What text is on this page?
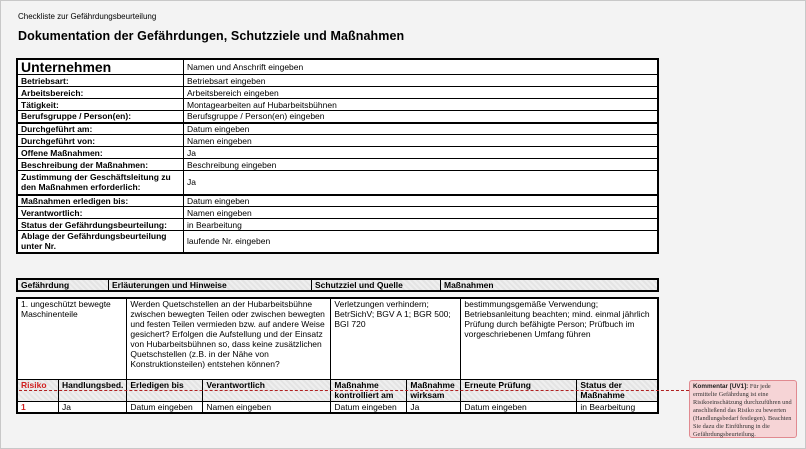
Checkliste zur Gefährdungsbeurteilung
Dokumentation der Gefährdungen, Schutzziele und Maßnahmen
Unternehmen	Namen und Anschrift eingeben
Betriebsart:	Betriebsart eingeben
Arbeitsbereich:	Arbeitsbereich eingeben
Tätigkeit:	Montagearbeiten auf Hubarbeitsbühnen
Berufsgruppe / Person(en):	Berufsgruppe / Person(en) eingeben
Durchgeführt am:	Datum eingeben
Durchgeführt von:	Namen eingeben
Offene Maßnahmen:	Ja
Beschreibung der Maßnahmen:	Beschreibung eingeben
Zustimmung der Geschäftsleitung zu den Maßnahmen erforderlich:	Ja
Maßnahmen erledigen bis:	Datum eingeben
Verantwortlich:	Namen eingeben
Status der Gefährdungsbeurteilung:	in Bearbeitung
Ablage der Gefährdungsbeurteilung unter Nr.	laufende Nr. eingeben
Gefährdung	Erläuterungen und Hinweise	Schutzziel und Quelle	Maßnahmen
1. ungeschützt bewegte Maschinenteile		Werden Quetschstellen an der Hubarbeitsbühne zwischen bewegten Teilen oder zwischen bewegten und festen Teilen vermieden bzw. auf andere Weise gesichert? Erfolgen die Aufstellung und der Einsatz von Hubarbeitsbühnen so, dass keine zusätzlichen Quetschstellen (z.B. in der Nähe von Konstruktionsteilen) entstehen können?		Verletzungen verhindern; BetrSichV; BGV A 1; BGR 500; BGI 720		bestimmungsgemäße Verwendung; Betriebsanleitung beachten; mind. einmal jährlich Prüfung durch befähigte Person; Prüfbuch im vorgeschriebenen Umfang führen	
Risiko	Handlungsbed.	Erledigen bis	Verantwortlich	Maßnahme kontrolliert am	Maßnahme wirksam	Erneute Prüfung	Status der Maßnahme
1	Ja	Datum eingeben	Namen eingeben	Datum eingeben	Ja	Datum eingeben	in Bearbeitung
Kommentar [UV1]: Für jede ermittelte Gefährdung ist eine Risikoeinschätzung durchzuführen und anschließend das Risiko zu bewerten (Handlungsbedarf festlegen). Beachten Sie dazu die Einführung in die Gefährdungsbeurteilung.
